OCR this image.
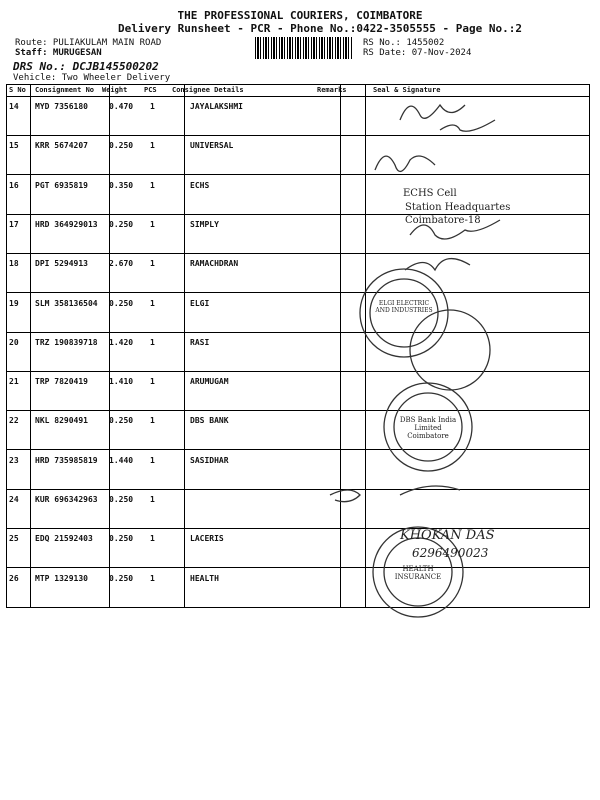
THE PROFESSIONAL COURIERS, COIMBATORE
Delivery Runsheet - PCR - Phone No.:0422-3505555 - Page No.:2
Route: PULIAKULAM MAIN ROAD
Staff: MURUGESAN
DRS No.: DCJB145500202
Vehicle: Two Wheeler Delivery
RS No.: 1455002
RS Date: 07-Nov-2024
S No Consignment No Weight PCS Consignee Details	Remarks	Seal & Signature
14 MYD 7356180	0.470 1	JAYALAKSHMI
15 KRR 5674207	0.250 1	UNIVERSAL
16 PGT 6935819	0.350 1	ECHS
17 HRD 364929013 0.250 1	SIMPLY
18 DPI 5294913	2.670 1	RAMACHDRAN
19 SLM 358136504 0.250 1	ELGI
20 TRZ 190839718 1.420 1	RASI
21 TRP 7820419	1.410 1	ARUMUGAM
22 NKL 8290491	0.250 1	DBS BANK
23 HRD 735985819 1.440 1	SASIDHAR
24 KUR 696342963 0.250 1
25 EDQ 21592403 0.250 1	LACERIS
26 MTP 1329130	0.250 1	HEALTH
ECHS Cell
Station Headquartes
Coimbatore-18
ELGI ELECTRIC AND INDUSTRIES
DBS Bank India Limited Coimbatore
HEALTH INSURANCE
KHOKAN DAS
6296490023
